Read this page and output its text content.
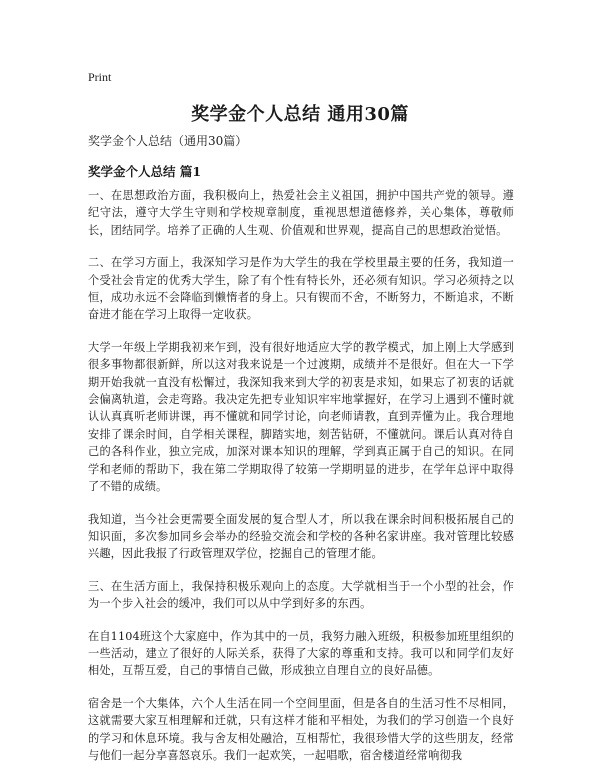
Print
奖学金个人总结 通用30篇
奖学金个人总结（通用30篇）
奖学金个人总结 篇1

一、在思想政治方面，我积极向上，热爱社会主义祖国，拥护中国共产党的领导。遵纪守法，遵守大学生守则和学校规章制度，重视思想道德修养，关心集体，尊敬师长，团结同学。培养了正确的人生观、价值观和世界观，提高自己的思想政治觉悟。

二、在学习方面上，我深知学习是作为大学生的我在学校里最主要的任务，我知道一个受社会肯定的优秀大学生，除了有个性有特长外，还必须有知识。学习必须持之以恒，成功永远不会降临到懒惰者的身上。只有锲而不舍，不断努力，不断追求，不断奋进才能在学习上取得一定收获。

大学一年级上学期我初来乍到，没有很好地适应大学的教学模式，加上刚上大学感到很多事物都很新鲜，所以这对我来说是一个过渡期，成绩并不是很好。但在大一下学期开始我就一直没有松懈过，我深知我来到大学的初衷是求知，如果忘了初衷的话就会偏离轨道，会走弯路。我决定先把专业知识牢牢地掌握好，在学习上遇到不懂时就认认真真听老师讲课，再不懂就和同学讨论，向老师请教，直到弄懂为止。我合理地安排了课余时间，自学相关课程，脚踏实地，刻苦钻研，不懂就问。课后认真对待自己的各科作业，独立完成，加深对课本知识的理解，学到真正属于自己的知识。在同学和老师的帮助下，我在第二学期取得了较第一学期明显的进步，在学年总评中取得了不错的成绩。

我知道，当今社会更需要全面发展的复合型人才，所以我在课余时间积极拓展自己的知识面，多次参加同乡会举办的经验交流会和学校的各种名家讲座。我对管理比较感兴趣，因此我报了行政管理双学位，挖掘自己的管理才能。

三、在生活方面上，我保持积极乐观向上的态度。大学就相当于一个小型的社会，作为一个步入社会的缓冲，我们可以从中学到好多的东西。

在自1104班这个大家庭中，作为其中的一员，我努力融入班级，积极参加班里组织的一些活动，建立了很好的人际关系，获得了大家的尊重和支持。我可以和同学们友好相处，互帮互爱，自己的事情自己做，形成独立自理自立的良好品德。

宿舍是一个大集体，六个人生活在同一个空间里面，但是各自的生活习性不尽相同，这就需要大家互相理解和迁就，只有这样才能和平相处，为我们的学习创造一个良好的学习和休息环境。我与舍友相处融洽，互相帮忙，我很珍惜大学的这些朋友，经常与他们一起分享喜怒哀乐。我们一起欢笑，一起唱歌，宿舍楼道经常响彻我
